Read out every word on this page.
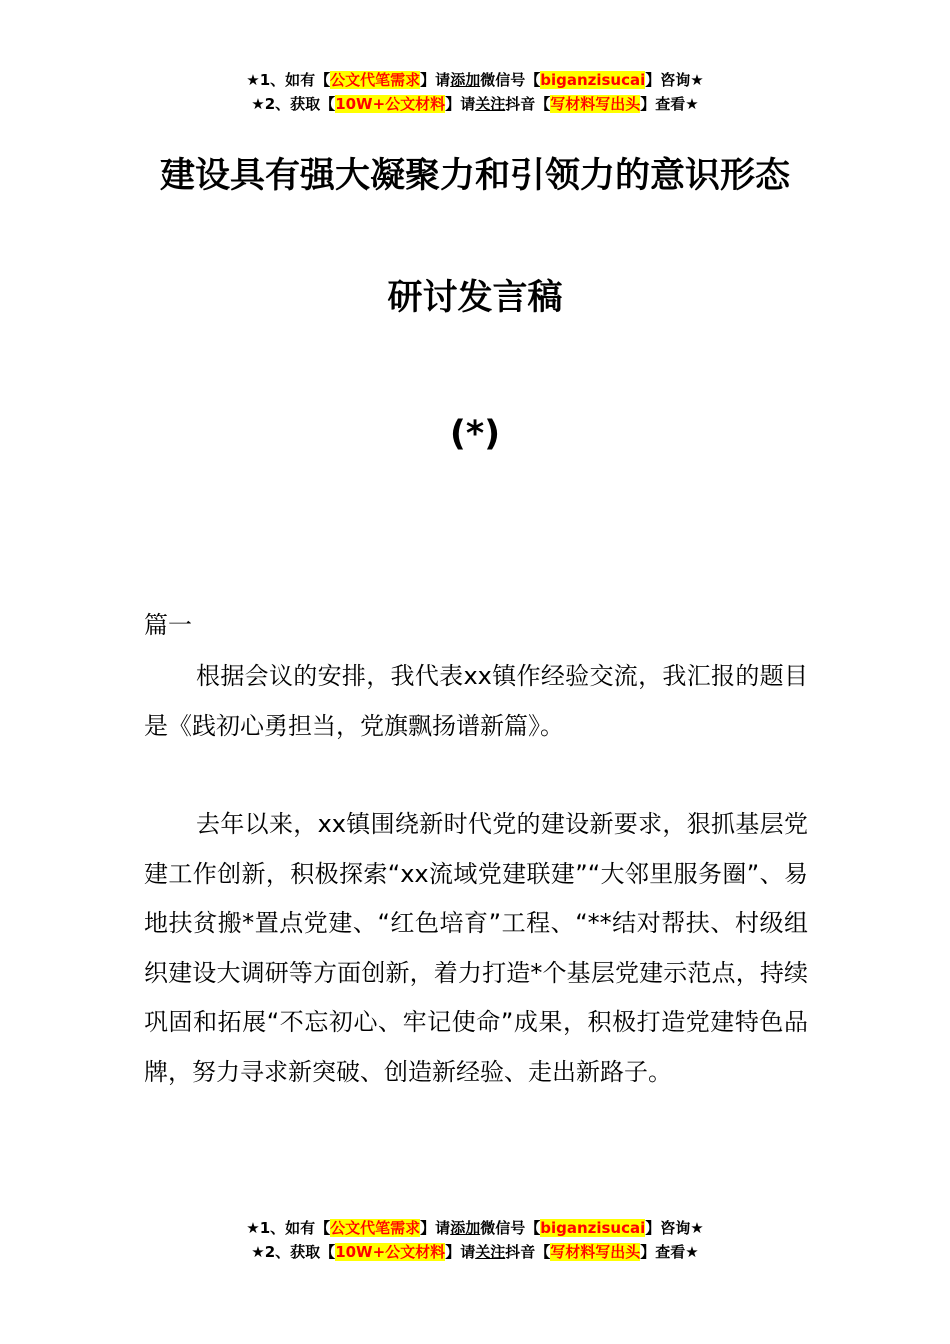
★1、如有【公文代笔需求】请添加微信号【biganzisucai】咨询★
★2、获取【10W+公文材料】请关注抖音【写材料写出头】查看★
建设具有强大凝聚力和引领力的意识形态
研讨发言稿
(*)
篇一
根据会议的安排，我代表xx镇作经验交流，我汇报的题目是《践初心勇担当，党旗飘扬谱新篇》。
去年以来，xx镇围绕新时代党的建设新要求，狠抓基层党建工作创新，积极探索“xx流域党建联建”“大邻里服务圈”、易地扶贫搬*置点党建、“红色培育”工程、“**结对帮扶、村级组织建设大调研等方面创新，着力打造*个基层党建示范点，持续巩固和拓展“不忘初心、牢记使命”成果，积极打造党建特色品牌，努力寻求新突破、创造新经验、走出新路子。
★1、如有【公文代笔需求】请添加微信号【biganzisucai】咨询★
★2、获取【10W+公文材料】请关注抖音【写材料写出头】查看★
